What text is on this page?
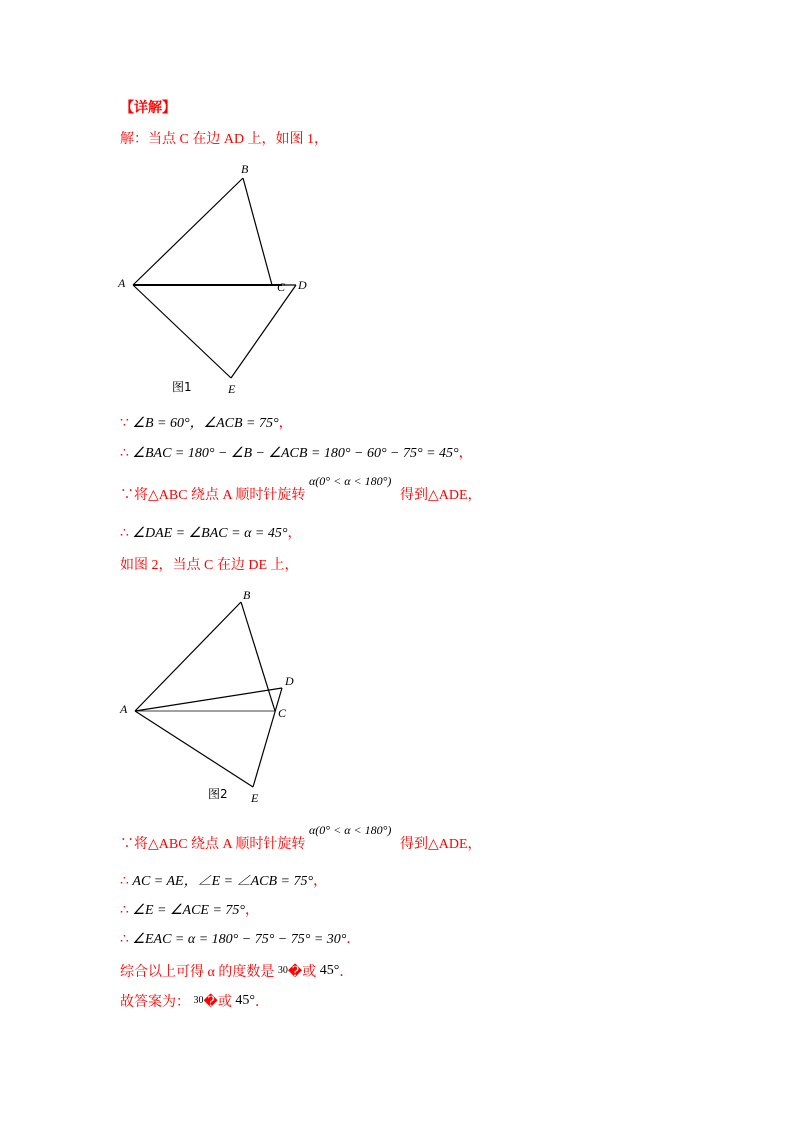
【详解】
解：当点 C 在边 AD 上，如图 1，
A
B
C D
E
图1
∵ ∠B = 60°，∠ACB = 75°，
∴ ∠BAC = 180° − ∠B − ∠ACB = 180° − 60° − 75° = 45°，
α(0° < α < 180°)
∵将△ABC 绕点 A 顺时针旋转	得到△ADE，
∴ ∠DAE = ∠BAC = α = 45°，
如图 2，当点 C 在边 DE 上，
A
B
C
D
E
图2
α(0° < α < 180°)
∵将△ABC 绕点 A 顺时针旋转	得到△ADE，
∴ AC = AE，∠E = ∠ACB = 75°，
∴ ∠E = ∠ACE = 75°，
∴ ∠EAC = α = 180° − 75° − 75° = 30°．
综合以上可得 α 的度数是 $^{30}$�或 45°．
故答案为： $^{30}$�或 45°．
